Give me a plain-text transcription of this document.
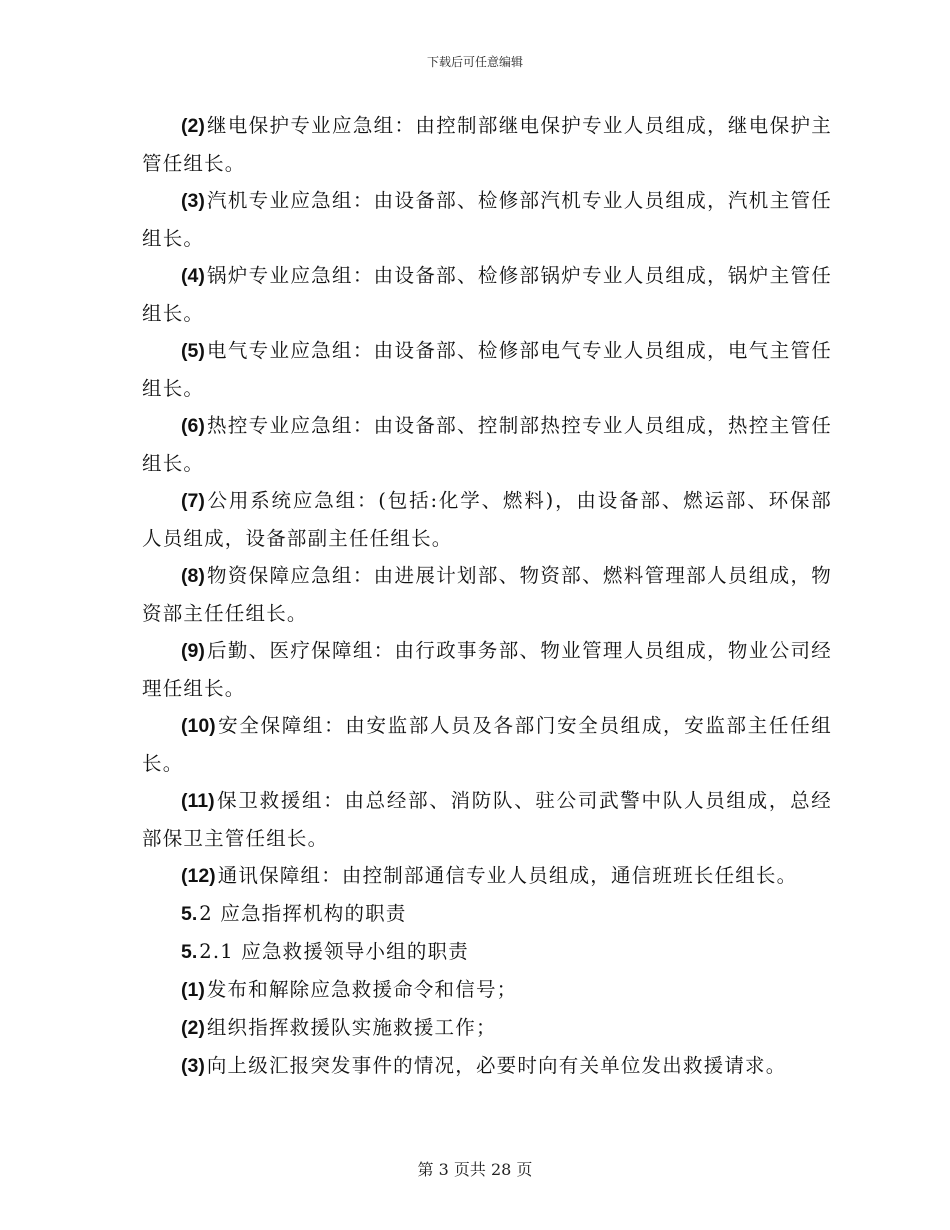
下载后可任意编辑

(2) 继电保护专业应急组：由控制部继电保护专业人员组成，继电保护主管任组长。

(3) 汽机专业应急组：由设备部、检修部汽机专业人员组成，汽机主管任组长。

(4) 锅炉专业应急组：由设备部、检修部锅炉专业人员组成，锅炉主管任组长。

(5) 电气专业应急组：由设备部、检修部电气专业人员组成，电气主管任组长。

(6) 热控专业应急组：由设备部、控制部热控专业人员组成，热控主管任组长。

(7) 公用系统应急组：(包括:化学、燃料)，由设备部、燃运部、环保部人员组成，设备部副主任任组长。

(8) 物资保障应急组：由进展计划部、物资部、燃料管理部人员组成，物资部主任任组长。

(9) 后勤、医疗保障组：由行政事务部、物业管理人员组成，物业公司经理任组长。

(10) 安全保障组：由安监部人员及各部门安全员组成，安监部主任任组长。

(11) 保卫救援组：由总经部、消防队、驻公司武警中队人员组成，总经部保卫主管任组长。

(12) 通讯保障组：由控制部通信专业人员组成，通信班班长任组长。

5. 2 应急指挥机构的职责

5. 2.1 应急救援领导小组的职责

(1) 发布和解除应急救援命令和信号；

(2) 组织指挥救援队实施救援工作；

(3) 向上级汇报突发事件的情况，必要时向有关单位发出救援请求。

第 3 页共 28 页
